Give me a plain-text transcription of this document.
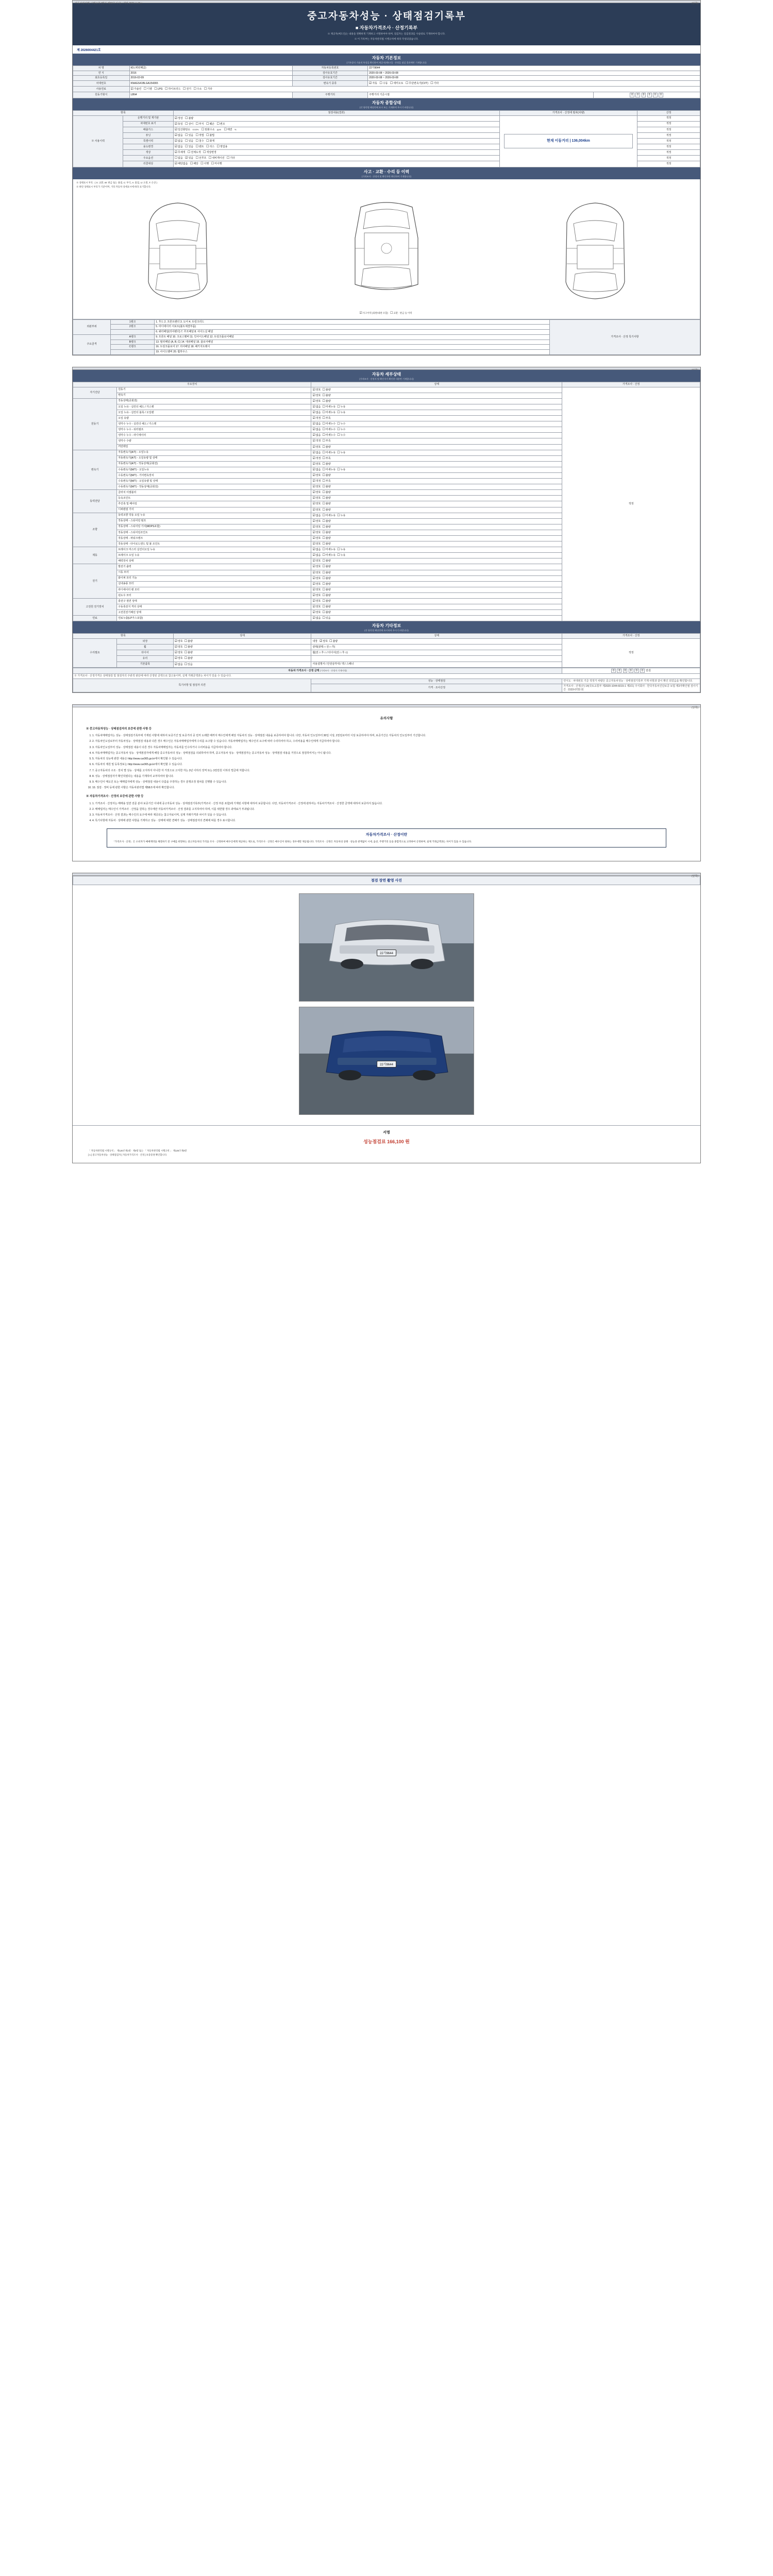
자동차관리법 시행규칙 [별지 제82호서식] <개정 2021.1.19.>	(앞쪽)
중고자동차성능 · 상태점검기록부
■ 자동차가격조사 · 산정기록부
※ 제공자(매도인)는 내용을 정확하게 기재하고 서명하여야 하며, 점검자는 점검결과를 사실대로 기재하여야 합니다.
※ 이 기록부는 자동차관리법 시행규칙에 따라 작성되었습니다.
제 2026004421호
자동차 기본정보
(기록상의 기술적 특성을 확인하여 제공자(매도인) · 산정을 점검 결과에만 기재합니다)
차 명	K5 (세번째급)	자동차등록번호	22가9644	
연 식	2016	검사유효기간	2020-03-08 ~ 2026-03-08	
최초등록일	2016-02-09	검사유효기간	2020-03-08 ~ 2026-03-08	
차대번호	KNAGS41BLGA154365	변속기 종류	☑ 자동 ☐ 수동 ☐ 세미오토 ☐ 무단변속기(CVT) ☐ 기타
사용연료	☑ 가솔린 ☐ 디젤 ☐ LPG ☐ 하이브리드 ☐ 전기 ☐ 수소 ☐ 기타
원동기형식	L8N4	주행거리	주행거리 기준시점	0 0 0 0 0 0
자동차 종합상태
(각 항목별 해당란에 표시 또는 기재하여 주시기 바랍니다)
항목		점검내용(결과)	가격조사 · 산정에 필차(차량)	산정
※ 사용이력	운행거리 및 계기판	☑ 정상 ☐ 불량	현재 이동거리 | 136,004km	적정
	차대번호 표기	☑ 동일 ☐ 상이 ☐ 부식 ☐ 훼손 ☐ 변조		적정
	배출가스	☑ 일산화탄소 0.02% ☐ 탄화수소 ppm ☐ 매연 %		적정
	튜닝	☑ 없음 ☐ 있음 ☐ 적법 ☐ 불법		적정
	특별이력	☑ 없음 ☐ 있음 ☐ 침수 ☐ 화재		적정
	용도변경	☑ 없음 ☐ 있음 ☐ 렌트 ☐ 리스 ☐ 영업용		적정
	색상	☑ 무채색 ☐ 전체도색 ☐ 색상변경		적정
	주요옵션	☐ 없음 ☑ 있음 ☐ 선루프 ☐ 내비게이션 ☐ 기타		적정
	리콜대상	☑ 해당없음 ☐ 해당 ☐ 이행 ☐ 미이행		적정
사고 · 교환 · 수리 등 이력
(가격조사 · 산정자 및 확인자만 확인하여 기재합니다)
※ 상태표시 부호 : ( X: 교환, W: 판금 또는 용접, C: 부식, A: 흠집, U: 요철, T: 손상 )
※ 하단 상태표시 부호가 기준이며, 기타 자동차 상세표시에 따라 표기합니다.
☑ 사고이력 (외판/내판 포함) ☐ 교환 · 판금 등 이력
외판부위	1랭크	1. 후드 2. 프론트펜더 3. 도어 4. 트렁크리드	가격조사 · 산정 특기사항
	2랭크	5. 라디에이터 서포트(볼트체결부품)	
		6. 쿼터패널(리어펜더) 7. 루프패널 8. 사이드실 패널	
주요골격	A랭크	9. 프론트 패널 10. 크로스멤버 11. 인사이드패널 12. 트렁크플로어패널	
	B랭크	13. 필러패널 (A, B, C) 14. 대쉬패널 15. 플로어패널	
	C랭크	16. 트렁크플로어 17. 리어패널 18. 패키지트레이	
		19. 사이드멤버 20. 휠하우스	
자동차 세부상태
(가격조사 · 산정자 및 확인자가 확인한 내용만 기재합니다)
주요장치		상태	가격조사 · 산정
자기진단	원동기	☑ 양호 ☐ 불량	적정
	변속기	☑ 양호 ☐ 불량
원동기	작동상태(공회전)	☑ 양호 ☐ 불량
	오일 누유 - 실린더 헤드 / 가스켓	☑ 없음 ☐ 미세누유 ☐ 누유
	오일 누유 - 실린더 블록 / 오일팬	☑ 없음 ☐ 미세누유 ☐ 누유
	오일 유량	☑ 적정 ☐ 부족
	냉각수 누수 - 실린더 헤드 / 가스켓	☑ 없음 ☐ 미세누수 ☐ 누수
	냉각수 누수 - 워터펌프	☑ 없음 ☐ 미세누수 ☐ 누수
	냉각수 누수 - 라디에이터	☑ 없음 ☐ 미세누수 ☐ 누수
	냉각수 수량	☑ 적정 ☐ 부족
	커먼레일	☑ 양호 ☐ 불량
변속기	자동변속기(A/T) - 오일누유	☑ 없음 ☐ 미세누유 ☐ 누유
	자동변속기(A/T) - 오일유량 및 상태	☑ 적정 ☐ 부족
	자동변속기(A/T) - 작동상태(공회전)	☑ 양호 ☐ 불량
	수동변속기(M/T) - 오일누유	☑ 없음 ☐ 미세누유 ☐ 누유
	수동변속기(M/T) - 기어변속장치	☑ 양호 ☐ 불량
	수동변속기(M/T) - 오일유량 및 상태	☑ 적정 ☐ 부족
	수동변속기(M/T) - 작동상태(공회전)	☑ 양호 ☐ 불량
동력전달	클러치 어셈블리	☑ 양호 ☐ 불량
	등속조인트	☑ 양호 ☐ 불량
	추진축 및 베어링	☑ 양호 ☐ 불량
	디퍼렌셜 기어	☑ 양호 ☐ 불량
조향	동력조향 작동 오일 누유	☑ 없음 ☐ 미세누유 ☐ 누유
	작동상태 - 스티어링 펌프	☑ 양호 ☐ 불량
	작동상태 - 스티어링 기어(MDPS포함)	☑ 양호 ☐ 불량
	작동상태 - 스티어링조인트	☑ 양호 ☐ 불량
	작동상태 - 파워크랭크	☑ 양호 ☐ 불량
	작동상태 - 타이로드엔드 및 볼 조인트	☑ 양호 ☐ 불량
제동	브레이크 마스터 실린더오일 누유	☑ 없음 ☐ 미세누유 ☐ 누유
	브레이크 오일 누유	☑ 없음 ☐ 미세누유 ☐ 누유
	배력장치 상태	☑ 양호 ☐ 불량
전기	발전기 출력	☑ 양호 ☐ 불량
	시동 모터	☑ 양호 ☐ 불량
	와이퍼 모터 기능	☑ 양호 ☐ 불량
	실내송풍 모터	☑ 양호 ☐ 불량
	라디에이터 팬 모터	☑ 양호 ☐ 불량
	윈도우 모터	☑ 양호 ☐ 불량
고전원 전기장치	충전구 절연 상태	☑ 양호 ☐ 불량
	구동축전지 격리 상태	☑ 양호 ☐ 불량
	고전원전기배선 상태	☑ 양호 ☐ 불량
연료	연료누출(LP가스포함)	☑ 없음 ☐ 있음
자동차 기타정보
(각 항목별 해당란에 표시하여 주시기 바랍니다)
항목		상태	상태	가격조사 · 산정
수리필요	외장	☑ 양호 ☐ 불량	내장 ☑ 양호 ☐ 불량	적정
	휠	☑ 양호 ☐ 불량	광택(광택 □ 전 □ 후)	
	타이어	☑ 양호 ☐ 불량	휠(전 □ 후 □ / 타이어(전 □ 후 □)	
	유리	☑ 양호 ☐ 불량	
	기본품목	☑ 없음 ☐ 있음	사용설명서 / 안전삼각대 / 잭 / 스패너	
자동차 가격조사 · 산정 금액 (가격조사 · 산정자 기재사항)		0 0 0 0 0 0 만원
※ 가격조사 · 산정가격은 상태점검 및 점검자의 주관적 판단에 따라 산정된 금액으로 참고용이며, 실제 거래금액과는 차이가 있을 수 있습니다.		
특기사항 및 점검자 의견	성능 · 상태점검	연식도 · 차대번호 기준 적정가 차량은 중고자동차성능 · 상태점검기록부 기재 사항과 같이 확인 되었음을 확인합니다.
	가격 · 조사산정	가격조사 · 산정(주) 14(국토교통부 제2020-1044-6015-1 제3호) 주식회사 · 한국자동차진단보증 보험 제3자확인필 검사기간 : 1533-0723 회
(앞쪽)
유의사항
※ 중고자동차성능 · 상태점검자의 보증에 관한 사항 등
1. 1. 자동차매매업자는 성능 · 상태점검기록부에 기재된 사항에 대하여 보증기간 및 보증거리 중 먼저 도래한 때까지 매수인에게 해당 자동차의 성능 · 상태점검 내용을 보증하여야 합니다. 다만, 자동차 인도일부터 30일 이상, 2천킬로미터 이상 보증하여야 하며, 보증기간은 자동차의 인도일부터 기산합니다.
2. 2. 자동차인도일로부터 자동차성능 · 상태점검 내용과 다른 경우 매수인은 자동차매매업자에게 수리를 요구할 수 있습니다. 자동차매매업자는 매수인의 요구에 따라 수리하여야 하고, 수리비용을 매수인에게 지급하여야 합니다.
3. 3. 자동차인도일부터 성능 · 상태점검 내용이 다른 경우 자동차매매업자는 자동차를 인수하거나 수리비용을 지급하여야 합니다.
4. 4. 자동차매매업자는 중고자동차 성능 · 상태점검자에게 해당 중고자동차의 성능 · 상태점검을 의뢰하여야 하며, 중고자동차 성능 · 상태점검자는 중고자동차 성능 · 상태점검 내용을 거짓으로 점검하여서는 아니 됩니다.
5. 5. 자동차의 성능에 관한 내용은 http://www.car365.go.kr에서 확인할 수 있습니다.
6. 6. 자동차의 제원 및 등록정보는 http://www.car365.go.kr에서 확인할 수 있습니다.
7. 7. 중고자동차의 구조 · 장치 별 성능 · 상태를 고지하지 아니한 자 거짓으로 고지한 자는 3년 이하의 징역 또는 3천만원 이하의 벌금에 처합니다.
8. 8. 성능 · 상태점검자가 확인하였다는 내용을 기재하여 교부하여야 합니다.
9. 9. 매수인이 매도인 또는 매매업자에게 성능 · 상태점검 내용이 다름을 주장하는 경우 분쟁조정 절차를 진행할 수 있습니다.
10. 10. 점검 · 정비 등에 관한 사항은 자동차관리법 제58조에 따라 확인합니다.
※ 자동차가격조사 · 산정의 보증에 관한 사항 등
1. 1. 가격조사 · 산정자는 매매용 일반 전문 분야 보증기간 이내에 중고자동차 성능 · 상태점검기록부(가격조사 · 산정 부분 포함)에 기재된 사항에 대하여 보증합니다. 다만, 자동차가격조사 · 산정에 관하여는 자동차가격조사 · 산정한 금액에 대하여 보증하지 않습니다.
2. 2. 매매업자는 매수인이 가격조사 · 산정을 원하는 경우에만 자동차가격조사 · 산정 결과를 고지하여야 하며, 이를 위반할 경우 과태료가 부과됩니다.
3. 3. 자동차가격조사 · 산정 결과는 매수인의 요구에 따라 제공되는 참고자료이며, 실제 거래가격과 차이가 있을 수 있습니다.
4. 4. 특기사항에 자동차 · 상태에 관한 사항을 기재하고 성능 · 상태에 대한 견해가 성능 · 상태점검자의 견해에 따를 경우 표시합니다.
자동차가격조사 · 산정이란
「가격조사 · 산정」은 소비자가 매매계약을 체결하기 전 구매를 희망하는 중고자동차의 가격을 조사 · 산정하여 매수인에게 제공하는 제도로, 가격조사 · 산정은 매수인이 원하는 경우에만 제공됩니다. 가격조사 · 산정은 자동차의 상태 · 성능과 관계없이 시세, 옵션, 주행거리 등을 종합적으로 고려하여 산정하며, 실제 거래금액과는 차이가 있을 수 있습니다.
(앞쪽)
점검 장면 촬영 사진
22가9644
22가9644
서명
성능점검료 166,100 원
「 자동차관리법 시행규칙 」 제120조제1항 · 제4항 또는 「 자동차관리법 시행규칙 」 제120조제4항
[ 1 ] 중고자동차성능 · 상태점검자 [ 자동차가격조사 · 산정 ] 보증증권 확인합니다.
